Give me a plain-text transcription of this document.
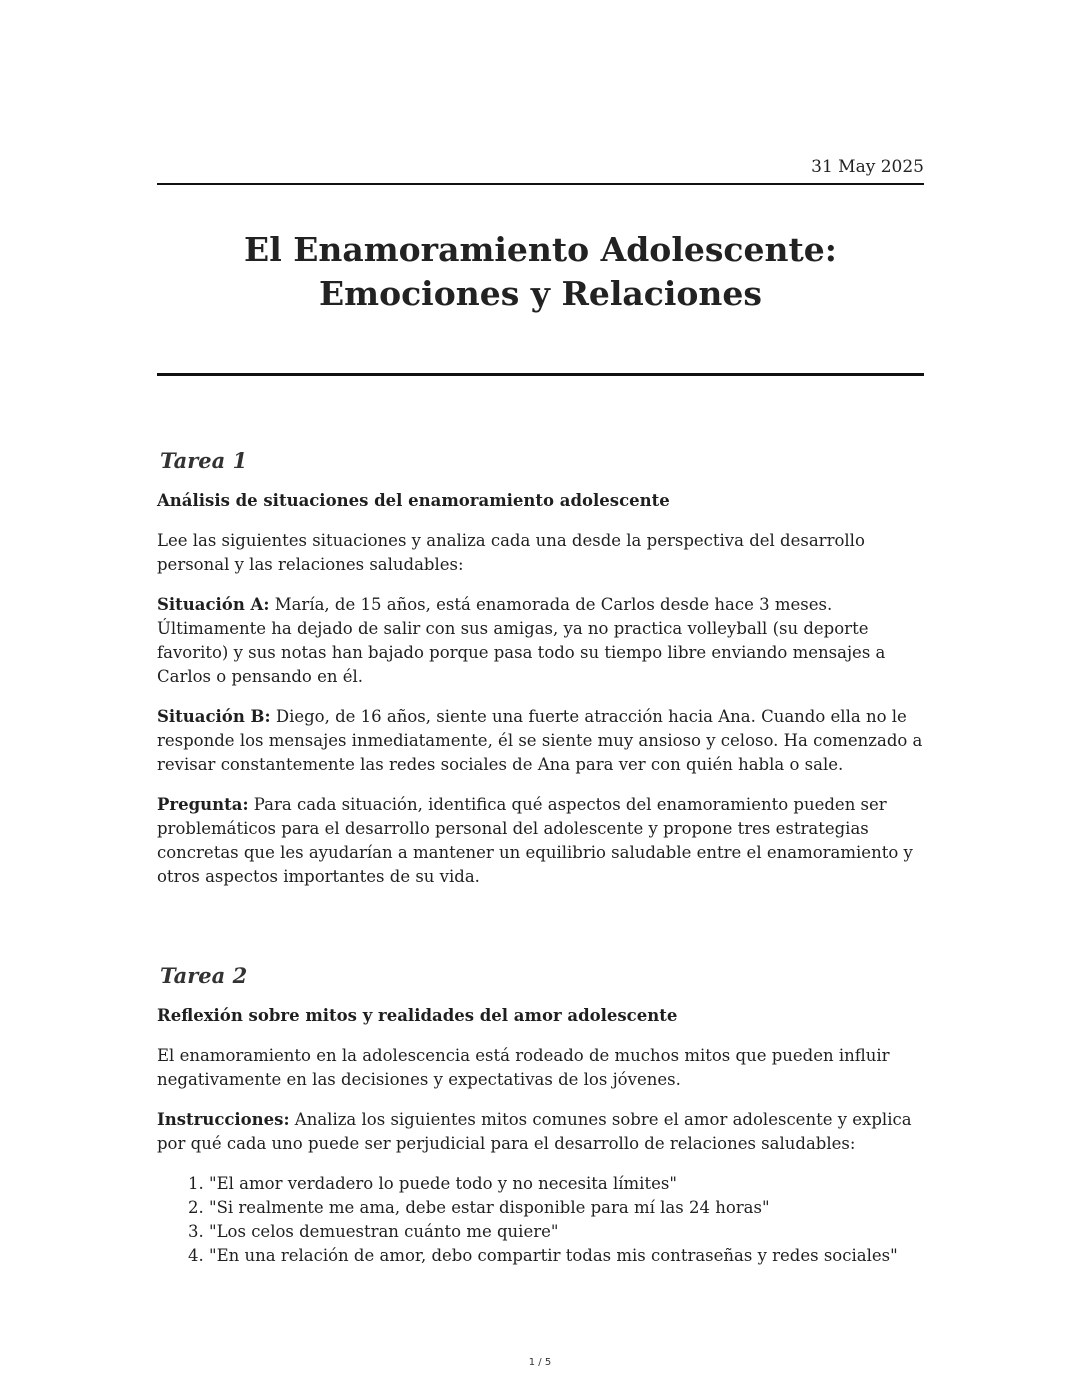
31 May 2025
El Enamoramiento Adolescente: Emociones y Relaciones
Tarea 1
Análisis de situaciones del enamoramiento adolescente

Lee las siguientes situaciones y analiza cada una desde la perspectiva del desarrollo personal y las relaciones saludables:

Situación A: María, de 15 años, está enamorada de Carlos desde hace 3 meses. Últimamente ha dejado de salir con sus amigas, ya no practica volleyball (su deporte favorito) y sus notas han bajado porque pasa todo su tiempo libre enviando mensajes a Carlos o pensando en él.

Situación B: Diego, de 16 años, siente una fuerte atracción hacia Ana. Cuando ella no le responde los mensajes inmediatamente, él se siente muy ansioso y celoso. Ha comenzado a revisar constantemente las redes sociales de Ana para ver con quién habla o sale.

Pregunta: Para cada situación, identifica qué aspectos del enamoramiento pueden ser problemáticos para el desarrollo personal del adolescente y propone tres estrategias concretas que les ayudarían a mantener un equilibrio saludable entre el enamoramiento y otros aspectos importantes de su vida.

Tarea 2
Reflexión sobre mitos y realidades del amor adolescente

El enamoramiento en la adolescencia está rodeado de muchos mitos que pueden influir negativamente en las decisiones y expectativas de los jóvenes.

Instrucciones: Analiza los siguientes mitos comunes sobre el amor adolescente y explica por qué cada uno puede ser perjudicial para el desarrollo de relaciones saludables:

1. "El amor verdadero lo puede todo y no necesita límites"
2. "Si realmente me ama, debe estar disponible para mí las 24 horas"
3. "Los celos demuestran cuánto me quiere"
4. "En una relación de amor, debo compartir todas mis contraseñas y redes sociales"
1 / 5
